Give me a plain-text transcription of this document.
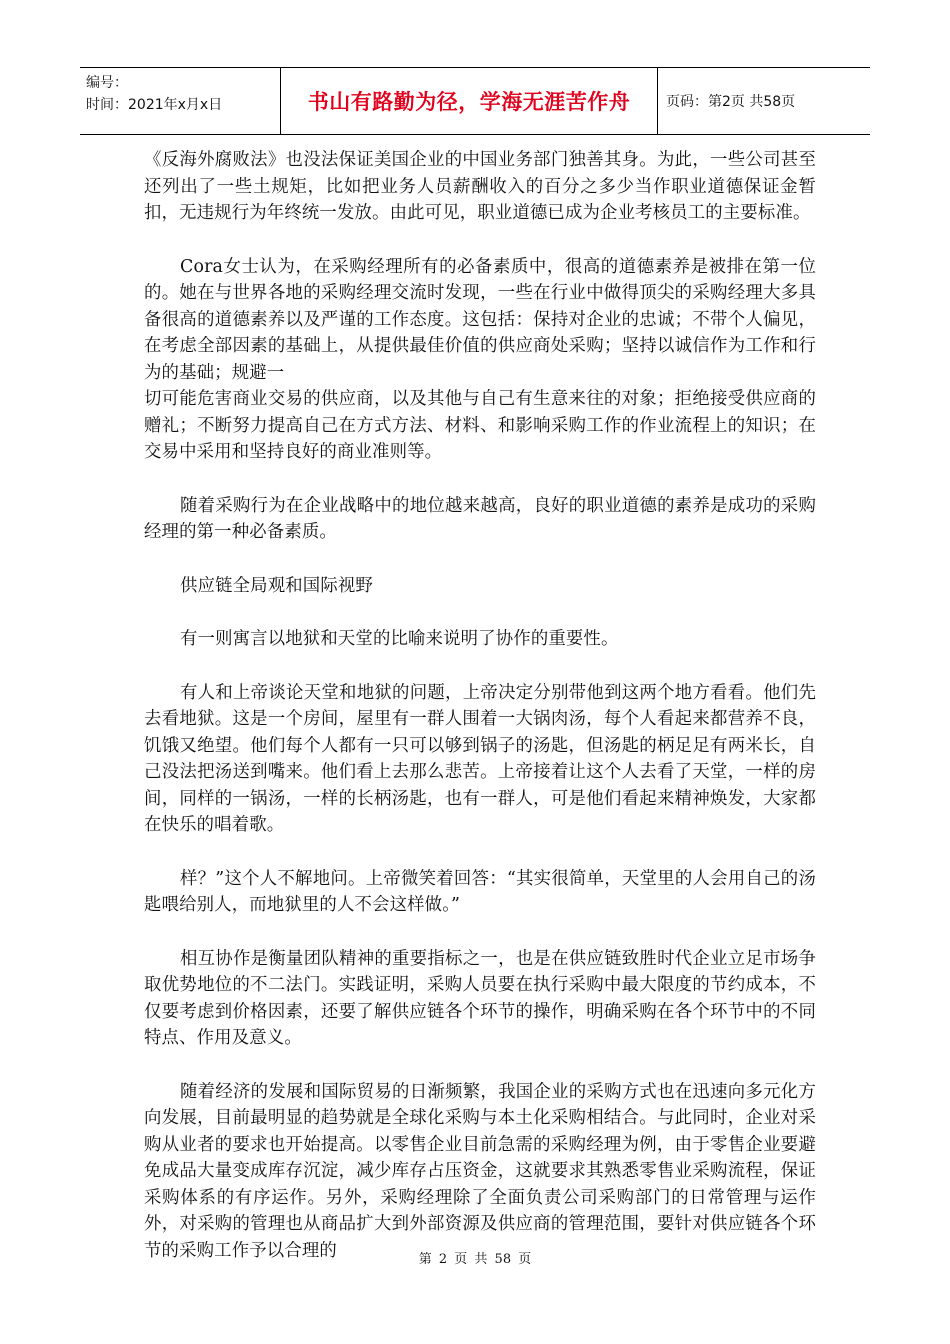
编号：
时间：2021年x月x日	书山有路勤为径，学海无涯苦作舟	页码：第2页 共58页

《反海外腐败法》也没法保证美国企业的中国业务部门独善其身。为此，一些公司甚至还列出了一些土规矩，比如把业务人员薪酬收入的百分之多少当作职业道德保证金暂扣，无违规行为年终统一发放。由此可见，职业道德已成为企业考核员工的主要标准。

Cora女士认为，在采购经理所有的必备素质中，很高的道德素养是被排在第一位的。她在与世界各地的采购经理交流时发现，一些在行业中做得顶尖的采购经理大多具备很高的道德素养以及严谨的工作态度。这包括：保持对企业的忠诚；不带个人偏见，在考虑全部因素的基础上，从提供最佳价值的供应商处采购；坚持以诚信作为工作和行为的基础；规避一

切可能危害商业交易的供应商，以及其他与自己有生意来往的对象；拒绝接受供应商的赠礼；不断努力提高自己在方式方法、材料、和影响采购工作的作业流程上的知识；在交易中采用和坚持良好的商业准则等。

随着采购行为在企业战略中的地位越来越高，良好的职业道德的素养是成功的采购经理的第一种必备素质。

供应链全局观和国际视野

有一则寓言以地狱和天堂的比喻来说明了协作的重要性。

有人和上帝谈论天堂和地狱的问题，上帝决定分别带他到这两个地方看看。他们先去看地狱。这是一个房间，屋里有一群人围着一大锅肉汤，每个人看起来都营养不良，饥饿又绝望。他们每个人都有一只可以够到锅子的汤匙，但汤匙的柄足足有两米长，自己没法把汤送到嘴来。他们看上去那么悲苦。上帝接着让这个人去看了天堂，一样的房间，同样的一锅汤，一样的长柄汤匙，也有一群人，可是他们看起来精神焕发，大家都在快乐的唱着歌。

样？”这个人不解地问。上帝微笑着回答：“其实很简单，天堂里的人会用自己的汤匙喂给别人，而地狱里的人不会这样做。”

相互协作是衡量团队精神的重要指标之一，也是在供应链致胜时代企业立足市场争取优势地位的不二法门。实践证明，采购人员要在执行采购中最大限度的节约成本，不仅要考虑到价格因素，还要了解供应链各个环节的操作，明确采购在各个环节中的不同特点、作用及意义。

随着经济的发展和国际贸易的日渐频繁，我国企业的采购方式也在迅速向多元化方向发展，目前最明显的趋势就是全球化采购与本土化采购相结合。与此同时，企业对采购从业者的要求也开始提高。以零售企业目前急需的采购经理为例，由于零售企业要避免成品大量变成库存沉淀，减少库存占压资金，这就要求其熟悉零售业采购流程，保证采购体系的有序运作。另外，采购经理除了全面负责公司采购部门的日常管理与运作外，对采购的管理也从商品扩大到外部资源及供应商的管理范围，要针对供应链各个环节的采购工作予以合理的	第 2 页 共 58 页
